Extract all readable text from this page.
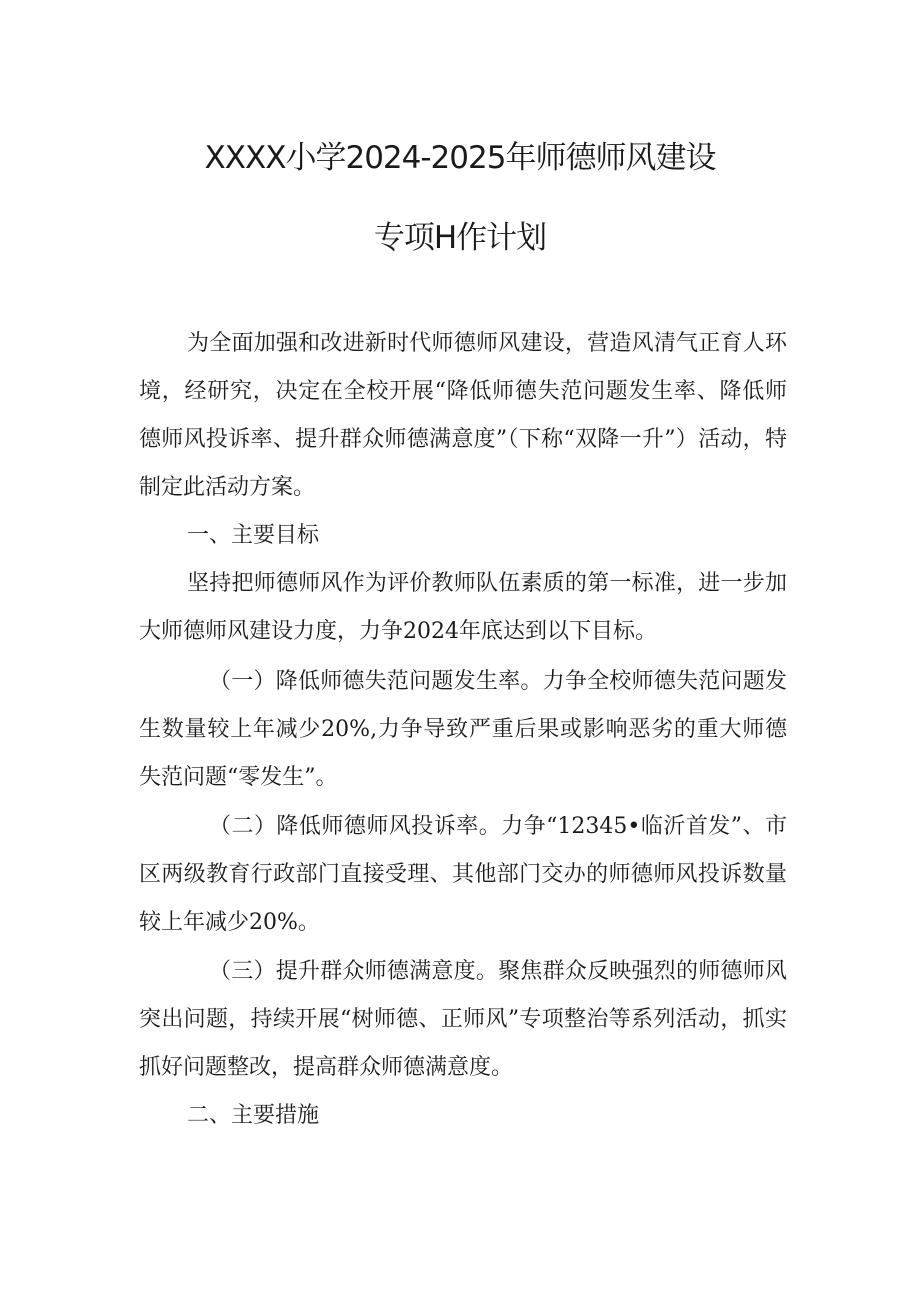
XXXX小学2024-2025年师德师风建设
专项H作计划

为全面加强和改进新时代师德师风建设，营造风清气正育人环境，经研究，决定在全校开展“降低师德失范问题发生率、降低师德师风投诉率、提升群众师德满意度”（下称“双降一升”）活动，特制定此活动方案。

一、主要目标

坚持把师德师风作为评价教师队伍素质的第一标准，进一步加大师德师风建设力度，力争2024年底达到以下目标。

（一）降低师德失范问题发生率。力争全校师德失范问题发生数量较上年减少20%,力争导致严重后果或影响恶劣的重大师德失范问题“零发生”。

（二）降低师德师风投诉率。力争“12345•临沂首发”、市区两级教育行政部门直接受理、其他部门交办的师德师风投诉数量较上年减少20%。

（三）提升群众师德满意度。聚焦群众反映强烈的师德师风突出问题，持续开展“树师德、正师风”专项整治等系列活动，抓实抓好问题整改，提高群众师德满意度。

二、主要措施
